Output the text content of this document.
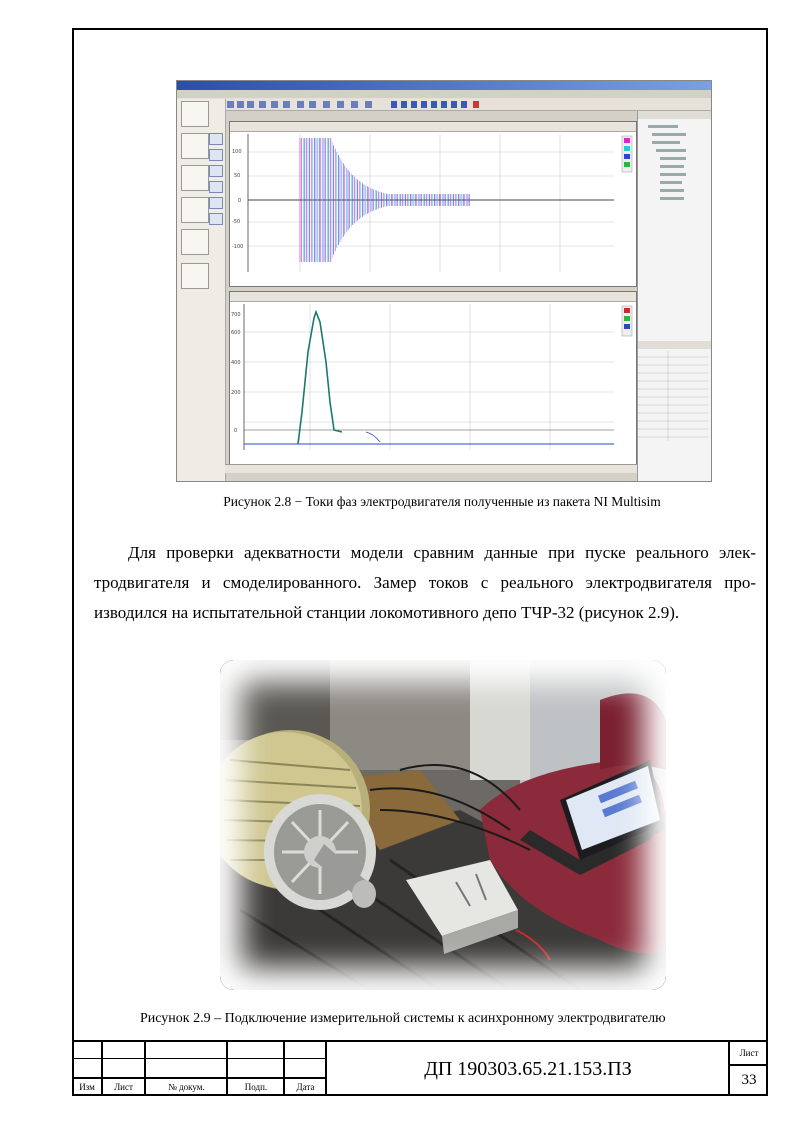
100
50
0
-50
-100
700
600
400
200
0
Рисунок 2.8 − Токи фаз электродвигателя полученные из пакета NI Multisim
Для проверки адекватности модели сравним данные при пуске реального элек-
тродвигателя и смоделированного. Замер токов с реального электродвигателя про-
изводился на испытательной станции локомотивного депо ТЧР-32 (рисунок 2.9).
Рисунок 2.9 – Подключение измерительной системы к асинхронному электродвигателю
Изм	Лист	№ докум.	Подп.	Дата
ДП 190303.65.21.153.ПЗ
Лист
33
